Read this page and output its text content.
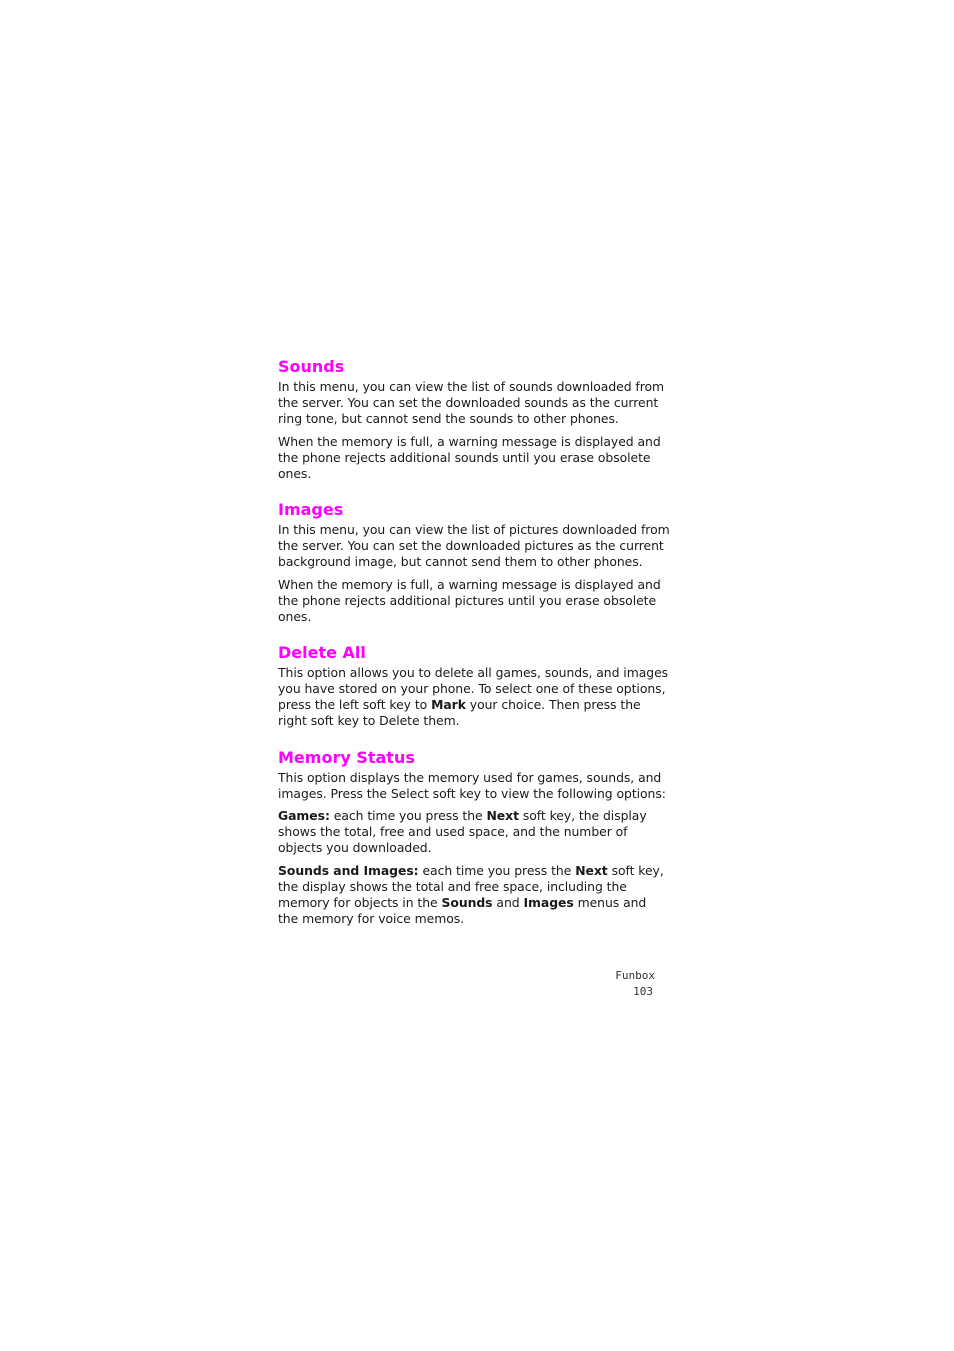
Sounds

In this menu, you can view the list of sounds downloaded from the server. You can set the downloaded sounds as the current ring tone, but cannot send the sounds to other phones.

When the memory is full, a warning message is displayed and the phone rejects additional sounds until you erase obsolete ones.

Images

In this menu, you can view the list of pictures downloaded from the server. You can set the downloaded pictures as the current background image, but cannot send them to other phones.

When the memory is full, a warning message is displayed and the phone rejects additional pictures until you erase obsolete ones.

Delete All

This option allows you to delete all games, sounds, and images you have stored on your phone. To select one of these options, press the left soft key to Mark your choice. Then press the right soft key to Delete them.

Memory Status

This option displays the memory used for games, sounds, and images. Press the Select soft key to view the following options:

Games: each time you press the Next soft key, the display shows the total, free and used space, and the number of objects you downloaded.

Sounds and Images: each time you press the Next soft key, the display shows the total and free space, including the memory for objects in the Sounds and Images menus and the memory for voice memos.

Funbox
103
